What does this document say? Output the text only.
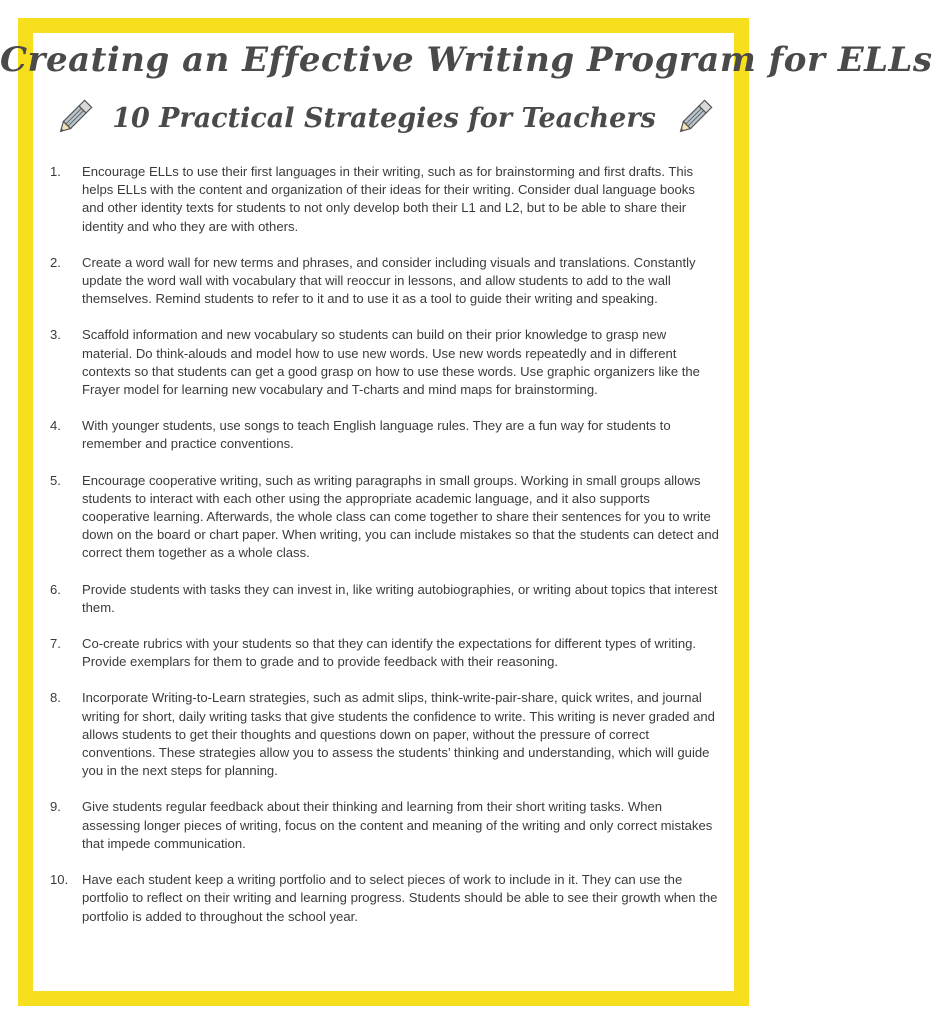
Creating an Effective Writing Program for ELLs
10 Practical Strategies for Teachers
1.	Encourage ELLs to use their first languages in their writing, such as for brainstorming and first drafts. This helps ELLs with the content and organization of their ideas for their writing. Consider dual language books and other identity texts for students to not only develop both their L1 and L2, but to be able to share their identity and who they are with others.
2.	Create a word wall for new terms and phrases, and consider including visuals and translations. Constantly update the word wall with vocabulary that will reoccur in lessons, and allow students to add to the wall themselves. Remind students to refer to it and to use it as a tool to guide their writing and speaking.
3.	Scaffold information and new vocabulary so students can build on their prior knowledge to grasp new material. Do think-alouds and model how to use new words. Use new words repeatedly and in different contexts so that students can get a good grasp on how to use these words. Use graphic organizers like the Frayer model for learning new vocabulary and T-charts and mind maps for brainstorming.
4.	With younger students, use songs to teach English language rules. They are a fun way for students to remember and practice conventions.
5.	Encourage cooperative writing, such as writing paragraphs in small groups. Working in small groups allows students to interact with each other using the appropriate academic language, and it also supports cooperative learning. Afterwards, the whole class can come together to share their sentences for you to write down on the board or chart paper. When writing, you can include mistakes so that the students can detect and correct them together as a whole class.
6.	Provide students with tasks they can invest in, like writing autobiographies, or writing about topics that interest them.
7.	Co-create rubrics with your students so that they can identify the expectations for different types of writing. Provide exemplars for them to grade and to provide feedback with their reasoning.
8.	Incorporate Writing-to-Learn strategies, such as admit slips, think-write-pair-share, quick writes, and journal writing for short, daily writing tasks that give students the confidence to write. This writing is never graded and allows students to get their thoughts and questions down on paper, without the pressure of correct conventions. These strategies allow you to assess the students’ thinking and understanding, which will guide you in the next steps for planning.
9.	Give students regular feedback about their thinking and learning from their short writing tasks. When assessing longer pieces of writing, focus on the content and meaning of the writing and only correct mistakes that impede communication.
10.	Have each student keep a writing portfolio and to select pieces of work to include in it. They can use the portfolio to reflect on their writing and learning progress. Students should be able to see their growth when the portfolio is added to throughout the school year.
